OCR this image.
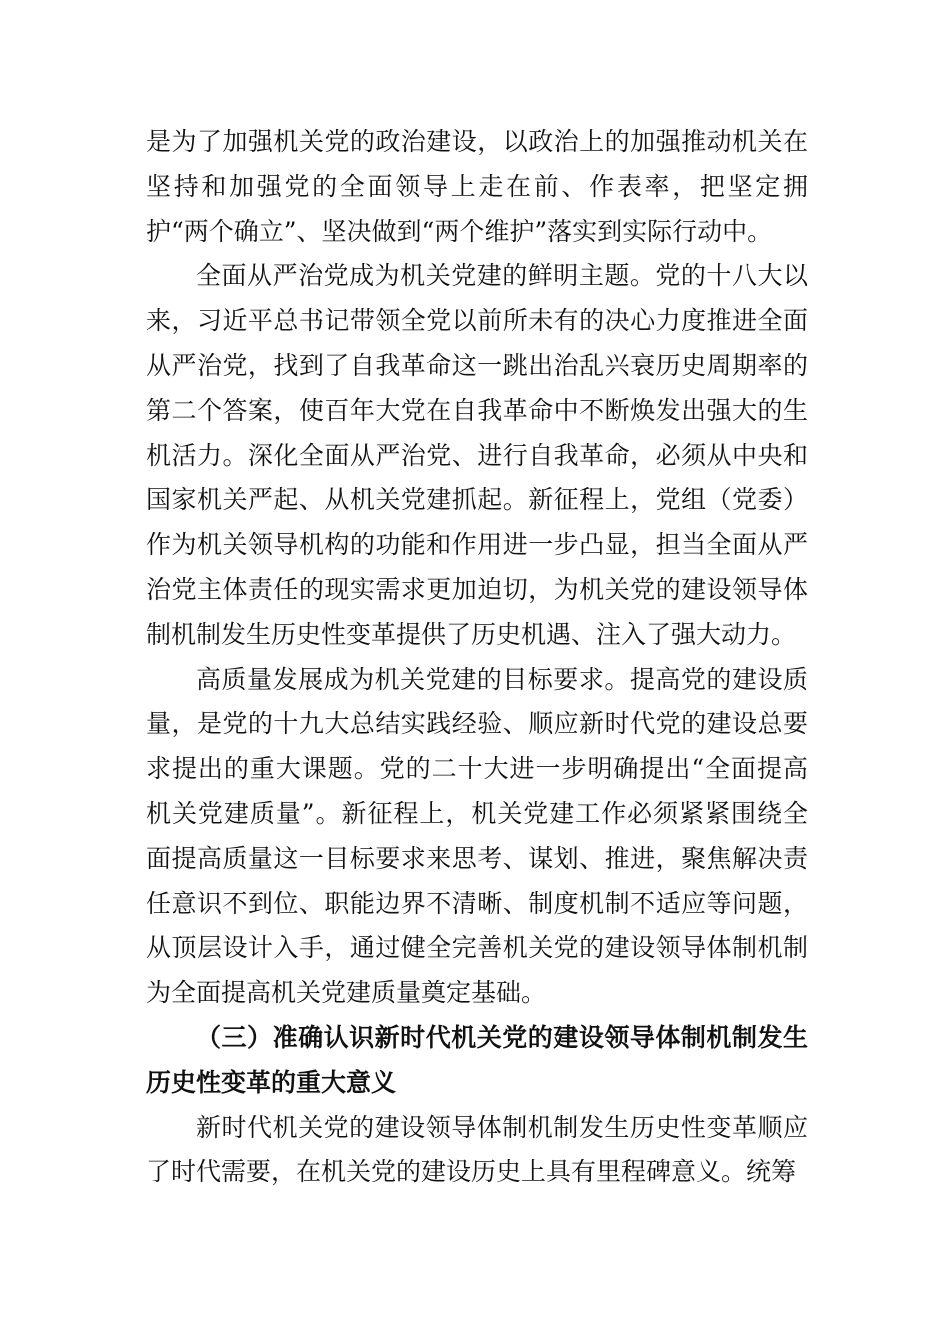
是为了加强机关党的政治建设，以政治上的加强推动机关在坚持和加强党的全面领导上走在前、作表率，把坚定拥护“两个确立”、坚决做到“两个维护”落实到实际行动中。

全面从严治党成为机关党建的鲜明主题。党的十八大以来，习近平总书记带领全党以前所未有的决心力度推进全面从严治党，找到了自我革命这一跳出治乱兴衰历史周期率的第二个答案，使百年大党在自我革命中不断焕发出强大的生机活力。深化全面从严治党、进行自我革命，必须从中央和国家机关严起、从机关党建抓起。新征程上，党组（党委）作为机关领导机构的功能和作用进一步凸显，担当全面从严治党主体责任的现实需求更加迫切，为机关党的建设领导体制机制发生历史性变革提供了历史机遇、注入了强大动力。

高质量发展成为机关党建的目标要求。提高党的建设质量，是党的十九大总结实践经验、顺应新时代党的建设总要求提出的重大课题。党的二十大进一步明确提出“全面提高机关党建质量”。新征程上，机关党建工作必须紧紧围绕全面提高质量这一目标要求来思考、谋划、推进，聚焦解决责任意识不到位、职能边界不清晰、制度机制不适应等问题，从顶层设计入手，通过健全完善机关党的建设领导体制机制为全面提高机关党建质量奠定基础。

（三）准确认识新时代机关党的建设领导体制机制发生历史性变革的重大意义

新时代机关党的建设领导体制机制发生历史性变革顺应了时代需要，在机关党的建设历史上具有里程碑意义。统筹
